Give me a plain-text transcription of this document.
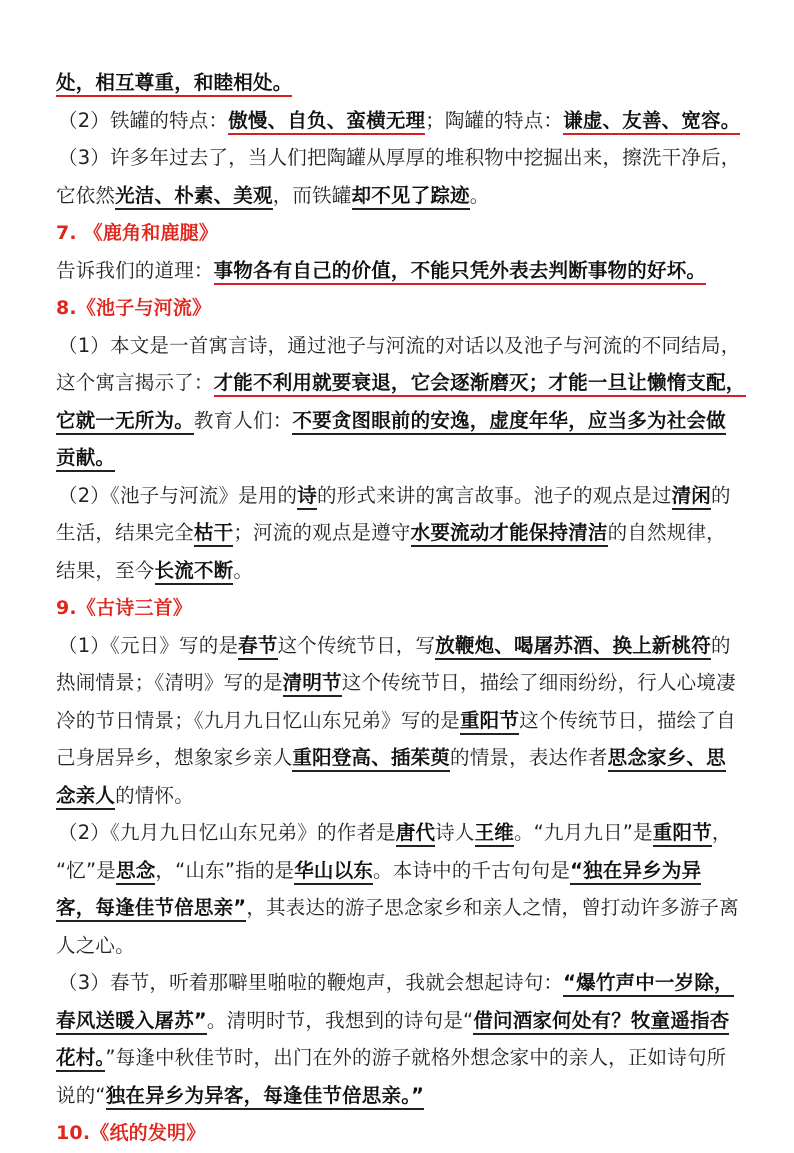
处，相互尊重，和睦相处。
（2）铁罐的特点：傲慢、自负、蛮横无理；陶罐的特点：谦虚、友善、宽容。
（3）许多年过去了，当人们把陶罐从厚厚的堆积物中挖掘出来，擦洗干净后，
它依然光洁、朴素、美观，而铁罐却不见了踪迹。
7. 《鹿角和鹿腿》
告诉我们的道理：事物各有自己的价值，不能只凭外表去判断事物的好坏。
8.《池子与河流》
（1）本文是一首寓言诗，通过池子与河流的对话以及池子与河流的不同结局，
这个寓言揭示了：才能不利用就要衰退，它会逐渐磨灭；才能一旦让懒惰支配，
它就一无所为。教育人们：不要贪图眼前的安逸，虚度年华，应当多为社会做
贡献。
（2）《池子与河流》是用的诗的形式来讲的寓言故事。池子的观点是过清闲的
生活，结果完全枯干；河流的观点是遵守水要流动才能保持清洁的自然规律，
结果，至今长流不断。
9.《古诗三首》
（1）《元日》写的是春节这个传统节日，写放鞭炮、喝屠苏酒、换上新桃符的
热闹情景；《清明》写的是清明节这个传统节日，描绘了细雨纷纷，行人心境凄
冷的节日情景；《九月九日忆山东兄弟》写的是重阳节这个传统节日，描绘了自
己身居异乡，想象家乡亲人重阳登高、插茱萸的情景，表达作者思念家乡、思
念亲人的情怀。
（2）《九月九日忆山东兄弟》的作者是唐代诗人王维。“九月九日”是重阳节，
“忆”是思念，“山东”指的是华山以东。本诗中的千古句句是“独在异乡为异
客，每逢佳节倍思亲”，其表达的游子思念家乡和亲人之情，曾打动许多游子离
人之心。
（3）春节，听着那噼里啪啦的鞭炮声，我就会想起诗句：“爆竹声中一岁除，
春风送暖入屠苏”。清明时节，我想到的诗句是“借问酒家何处有？牧童遥指杏
花村。”每逢中秋佳节时，出门在外的游子就格外想念家中的亲人，正如诗句所
说的“独在异乡为异客，每逢佳节倍思亲。”
10.《纸的发明》
